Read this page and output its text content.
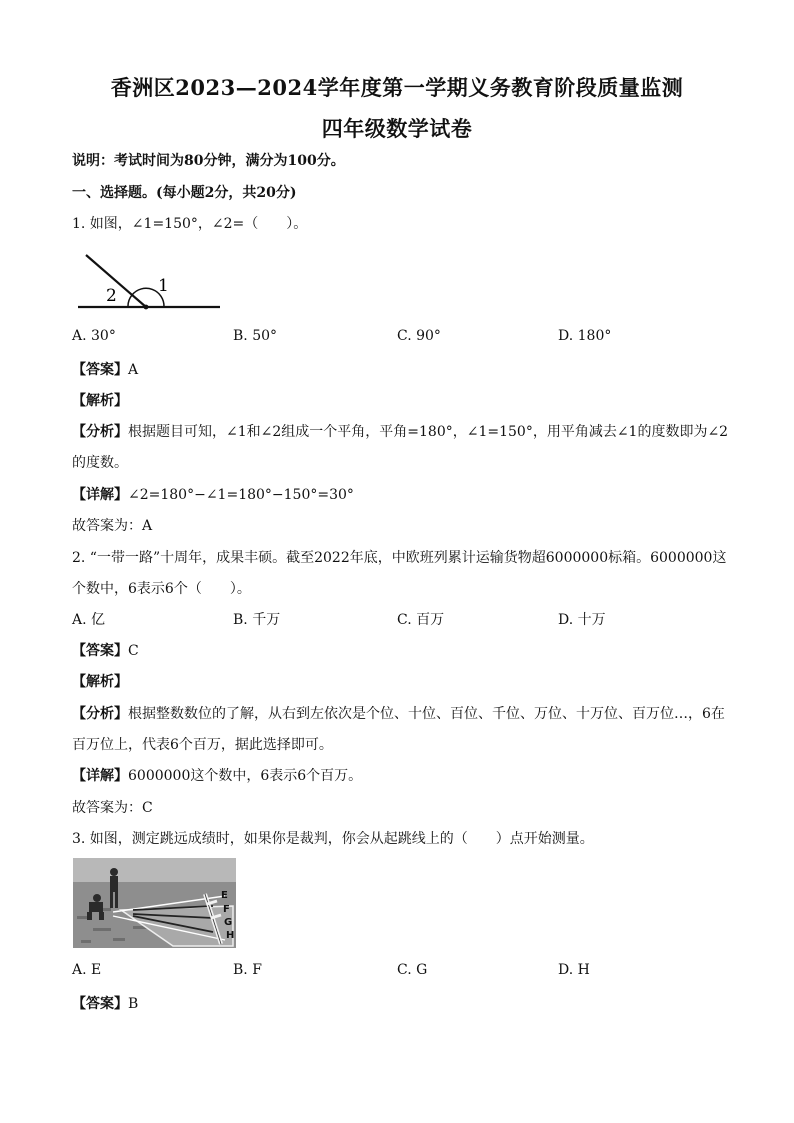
香洲区2023—2024学年度第一学期义务教育阶段质量监测
四年级数学试卷
说明：考试时间为80分钟，满分为100分。
一、选择题。(每小题2分，共20分)
1. 如图，∠1=150°，∠2=（　　）。
2 1
A. 30°	B. 50°	C. 90°	D. 180°
【答案】A
【解析】
【分析】根据题目可知，∠1和∠2组成一个平角，平角=180°，∠1=150°，用平角减去∠1的度数即为∠2
的度数。
【详解】∠2=180°−∠1=180°−150°=30°
故答案为：A
2. “一带一路”十周年，成果丰硕。截至2022年底，中欧班列累计运输货物超6000000标箱。6000000这
个数中，6表示6个（　　）。
A. 亿	B. 千万	C. 百万	D. 十万
【答案】C
【解析】
【分析】根据整数数位的了解，从右到左依次是个位、十位、百位、千位、万位、十万位、百万位…，6在
百万位上，代表6个百万，据此选择即可。
【详解】6000000这个数中，6表示6个百万。
故答案为：C
3. 如图，测定跳远成绩时，如果你是裁判，你会从起跳线上的（　　）点开始测量。
E
F
G
H
A. E	B. F	C. G	D. H
【答案】B
